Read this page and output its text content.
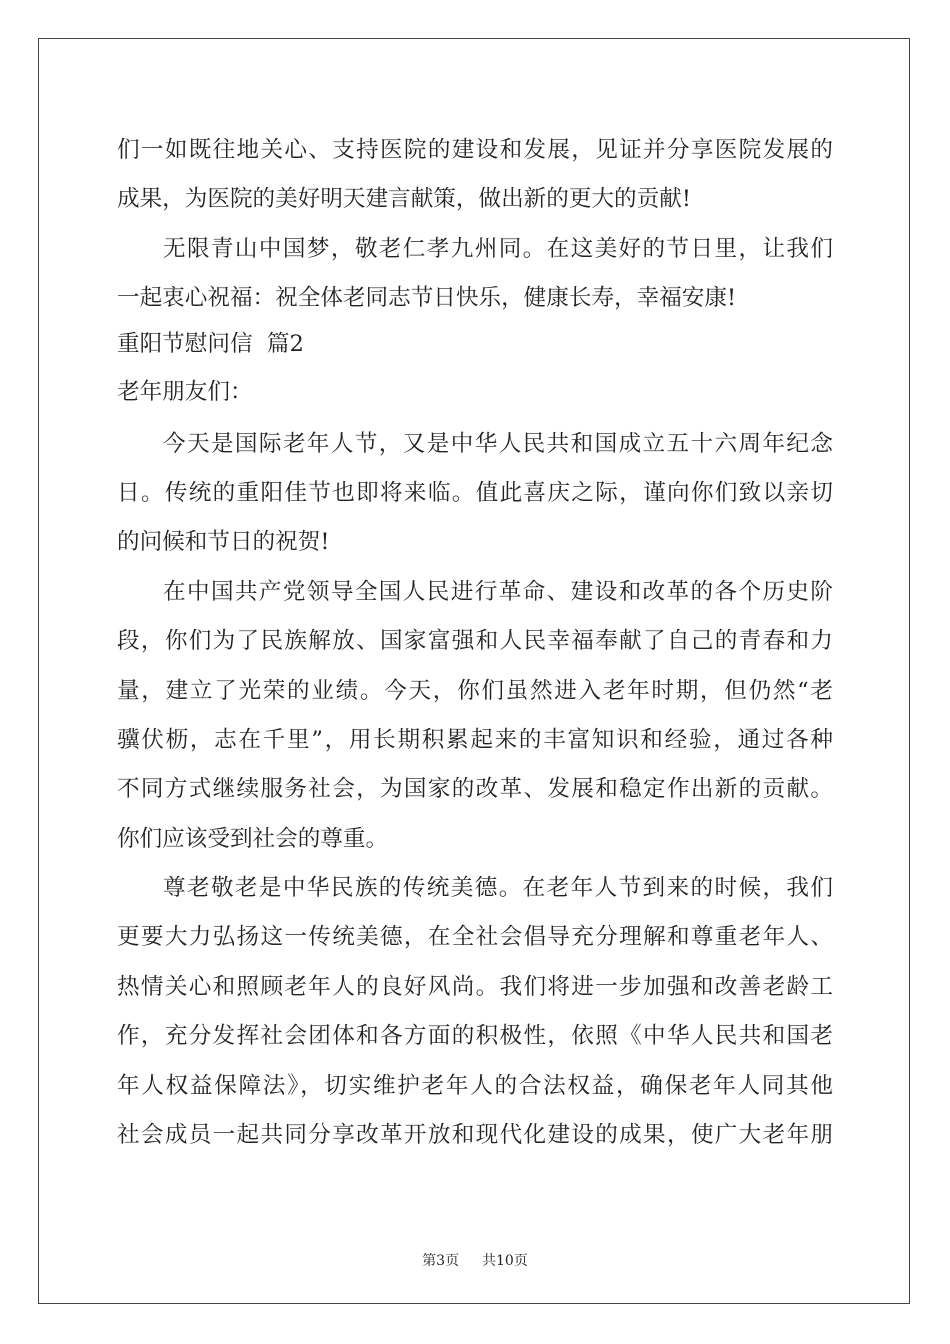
们一如既往地关心、支持医院的建设和发展，见证并分享医院发展的
成果，为医院的美好明天建言献策，做出新的更大的贡献!
无限青山中国梦，敬老仁孝九州同。在这美好的节日里，让我们
一起衷心祝福：祝全体老同志节日快乐，健康长寿，幸福安康!
重阳节慰问信  篇2
老年朋友们：
今天是国际老年人节，又是中华人民共和国成立五十六周年纪念
日。传统的重阳佳节也即将来临。值此喜庆之际，谨向你们致以亲切
的问候和节日的祝贺!
在中国共产党领导全国人民进行革命、建设和改革的各个历史阶
段，你们为了民族解放、国家富强和人民幸福奉献了自己的青春和力
量，建立了光荣的业绩。今天，你们虽然进入老年时期，但仍然“老
骥伏枥，志在千里”，用长期积累起来的丰富知识和经验，通过各种
不同方式继续服务社会，为国家的改革、发展和稳定作出新的贡献。
你们应该受到社会的尊重。
尊老敬老是中华民族的传统美德。在老年人节到来的时候，我们
更要大力弘扬这一传统美德，在全社会倡导充分理解和尊重老年人、
热情关心和照顾老年人的良好风尚。我们将进一步加强和改善老龄工
作，充分发挥社会团体和各方面的积极性，依照《中华人民共和国老
年人权益保障法》，切实维护老年人的合法权益，确保老年人同其他
社会成员一起共同分享改革开放和现代化建设的成果，使广大老年朋
第3页 共10页
